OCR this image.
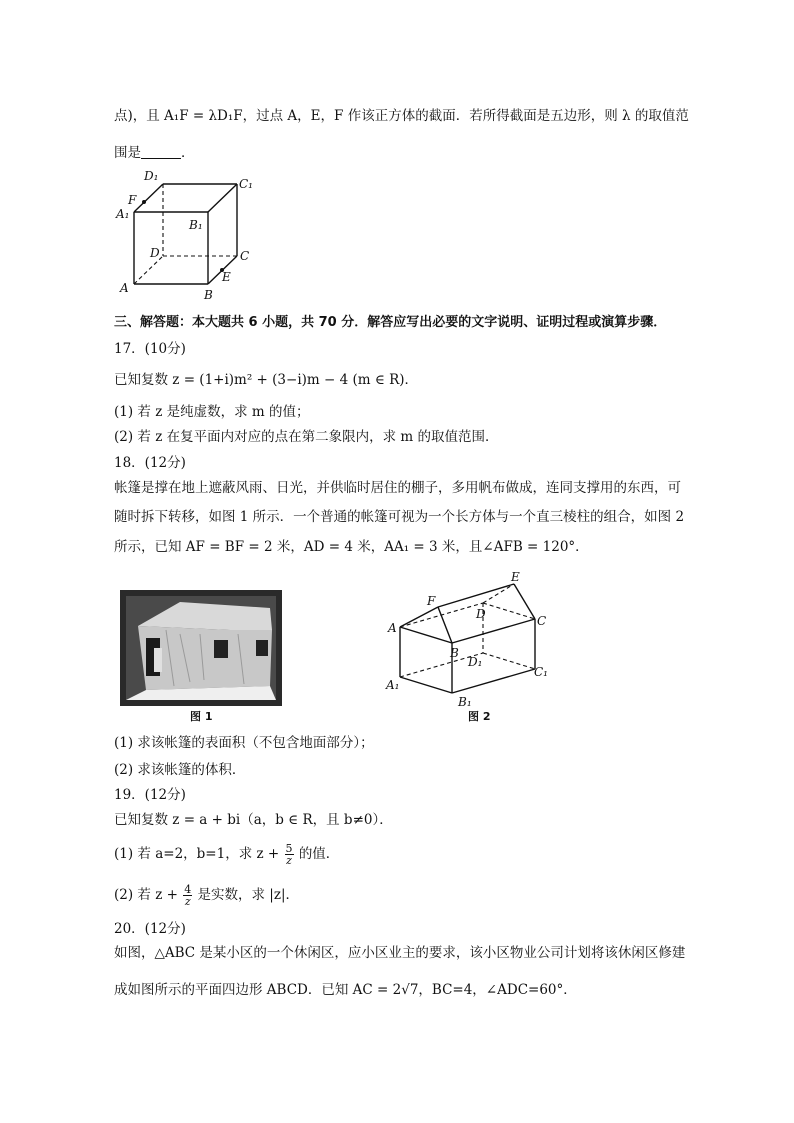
点)，且 A₁F = λD₁F，过点 A，E，F 作该正方体的截面．若所得截面是五边形，则 λ 的取值范
围是	．
D₁
C₁
A₁
F
B₁
D	C
E
A	B
三、解答题：本大题共 6 小题，共 70 分．解答应写出必要的文字说明、证明过程或演算步骤．
17．(10分)
已知复数 z = (1+i)m² + (3−i)m − 4 (m ∈ R)．
(1) 若 z 是纯虚数，求 m 的值；
(2) 若 z 在复平面内对应的点在第二象限内，求 m 的取值范围．
18．(12分)
帐篷是撑在地上遮蔽风雨、日光，并供临时居住的棚子，多用帆布做成，连同支撑用的东西，可
随时拆下转移，如图 1 所示．一个普通的帐篷可视为一个长方体与一个直三棱柱的组合，如图 2
所示，已知 AF = BF = 2 米，AD = 4 米，AA₁ = 3 米，且∠AFB = 120°．
图 1
E
F
D	C
A
B
D₁
C₁
A₁
B₁
图 2
(1) 求该帐篷的表面积（不包含地面部分）；
(2) 求该帐篷的体积．
19．(12分)
已知复数 z = a + bi（a，b ∈ R，且 b≠0）．
(1) 若 a=2，b=1，求 $z + \frac{5}{z}$ 的值．
(2) 若 $z + \frac{4}{z}$ 是实数，求 |z|．
20．(12分)
如图，△ABC 是某小区的一个休闲区，应小区业主的要求，该小区物业公司计划将该休闲区修建
成如图所示的平面四边形 ABCD．已知 AC = 2√7，BC=4，∠ADC=60°．
